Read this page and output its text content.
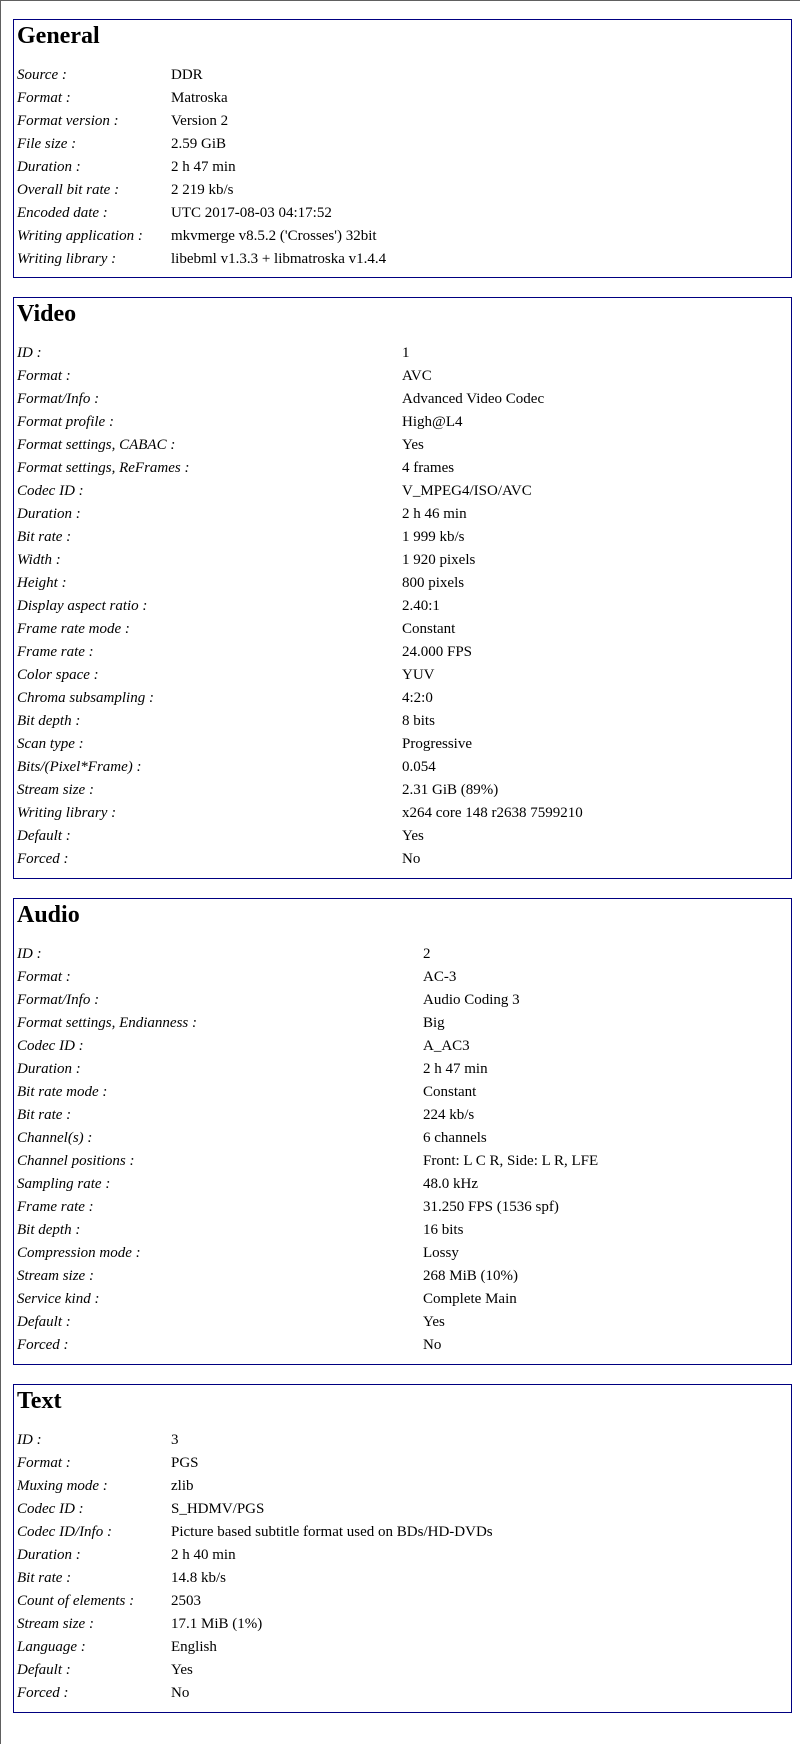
General
Source :	DDR
Format :	Matroska
Format version :	Version 2
File size :	2.59 GiB
Duration :	2 h 47 min
Overall bit rate :	2 219 kb/s
Encoded date :	UTC 2017-08-03 04:17:52
Writing application :	mkvmerge v8.5.2 ('Crosses') 32bit
Writing library :	libebml v1.3.3 + libmatroska v1.4.4
Video
ID :	1
Format :	AVC
Format/Info :	Advanced Video Codec
Format profile :	High@L4
Format settings, CABAC :	Yes
Format settings, ReFrames :	4 frames
Codec ID :	V_MPEG4/ISO/AVC
Duration :	2 h 46 min
Bit rate :	1 999 kb/s
Width :	1 920 pixels
Height :	800 pixels
Display aspect ratio :	2.40:1
Frame rate mode :	Constant
Frame rate :	24.000 FPS
Color space :	YUV
Chroma subsampling :	4:2:0
Bit depth :	8 bits
Scan type :	Progressive
Bits/(Pixel*Frame) :	0.054
Stream size :	2.31 GiB (89%)
Writing library :	x264 core 148 r2638 7599210
Default :	Yes
Forced :	No
Audio
ID :	2
Format :	AC-3
Format/Info :	Audio Coding 3
Format settings, Endianness :	Big
Codec ID :	A_AC3
Duration :	2 h 47 min
Bit rate mode :	Constant
Bit rate :	224 kb/s
Channel(s) :	6 channels
Channel positions :	Front: L C R, Side: L R, LFE
Sampling rate :	48.0 kHz
Frame rate :	31.250 FPS (1536 spf)
Bit depth :	16 bits
Compression mode :	Lossy
Stream size :	268 MiB (10%)
Service kind :	Complete Main
Default :	Yes
Forced :	No
Text
ID :	3
Format :	PGS
Muxing mode :	zlib
Codec ID :	S_HDMV/PGS
Codec ID/Info :	Picture based subtitle format used on BDs/HD-DVDs
Duration :	2 h 40 min
Bit rate :	14.8 kb/s
Count of elements :	2503
Stream size :	17.1 MiB (1%)
Language :	English
Default :	Yes
Forced :	No
